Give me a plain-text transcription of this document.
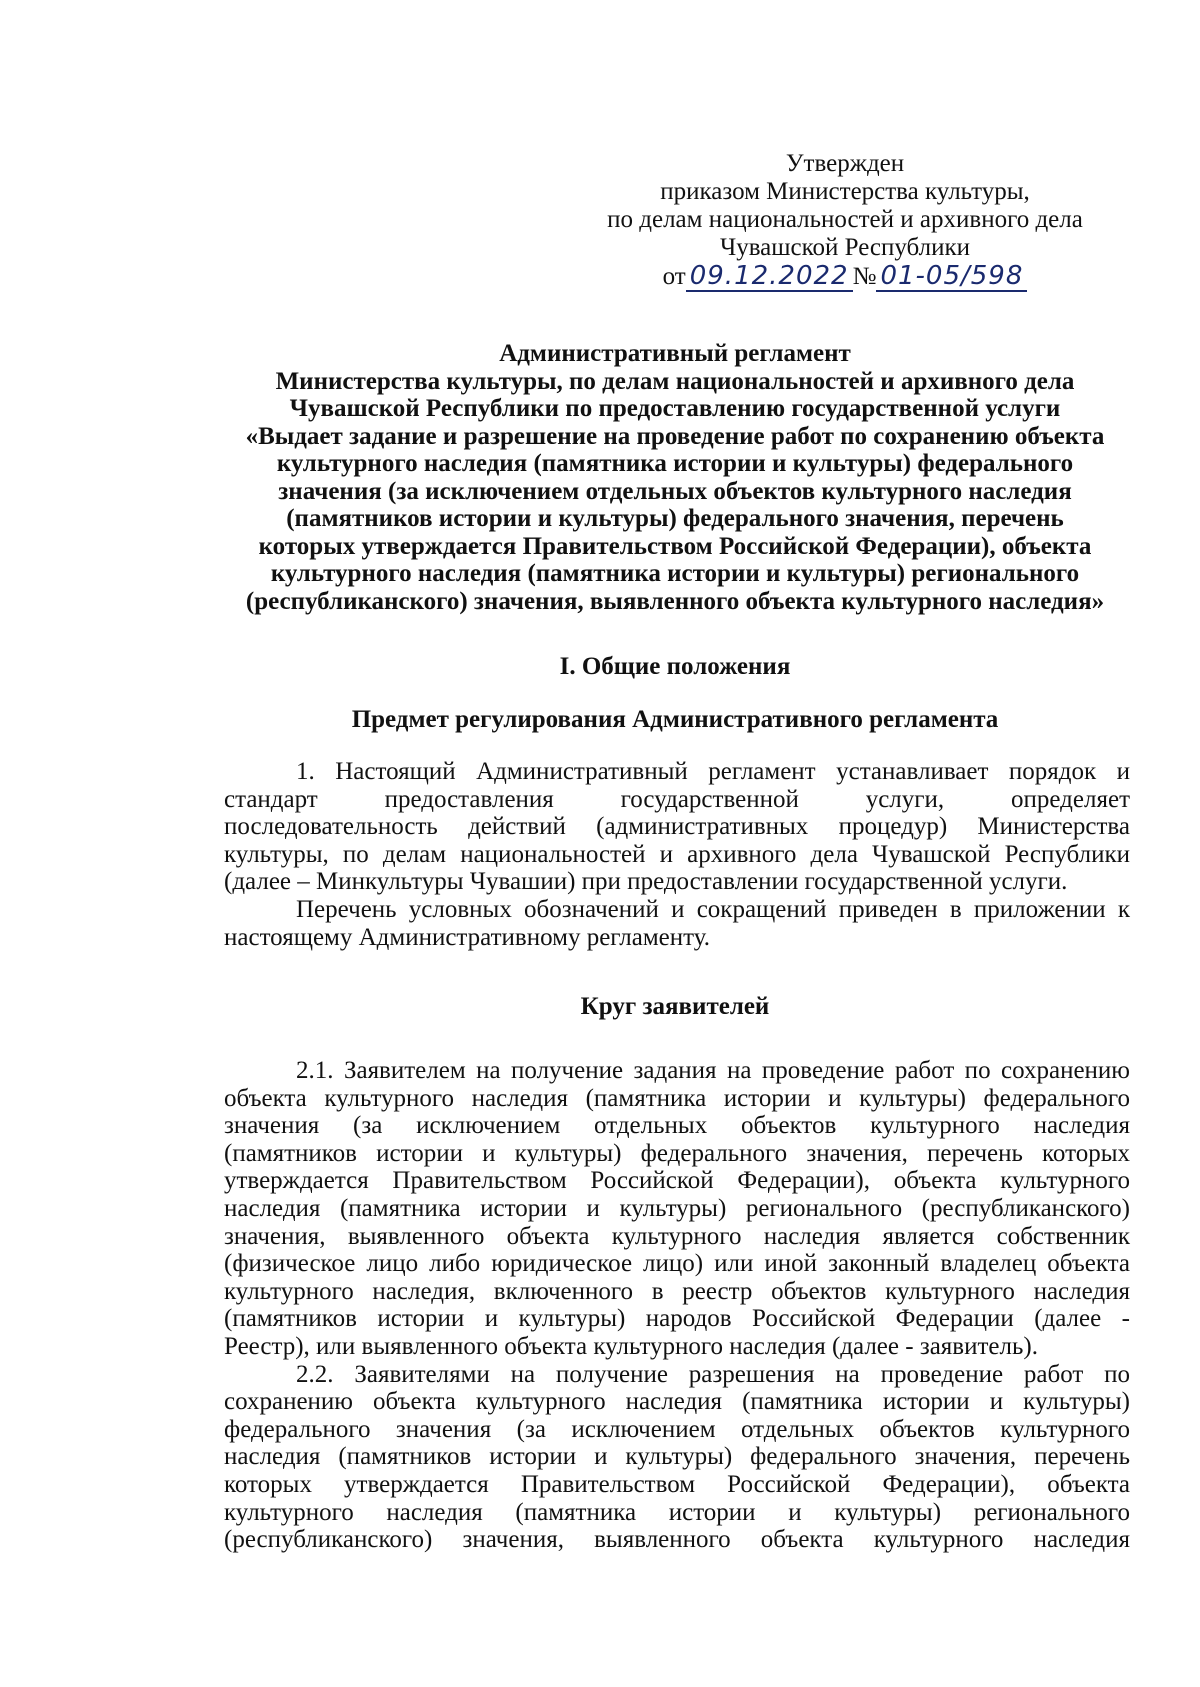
Утвержден
приказом Министерства культуры,
по делам национальностей и архивного дела
Чувашской Республики
от 09.12.2022 № 01-05/598
Административный регламент
Министерства культуры, по делам национальностей и архивного дела
Чувашской Республики по предоставлению государственной услуги
«Выдает задание и разрешение на проведение работ по сохранению объекта
культурного наследия (памятника истории и культуры) федерального
значения (за исключением отдельных объектов культурного наследия
(памятников истории и культуры) федерального значения, перечень
которых утверждается Правительством Российской Федерации), объекта
культурного наследия (памятника истории и культуры) регионального
(республиканского) значения, выявленного объекта культурного наследия»
I. Общие положения
Предмет регулирования Административного регламента
1. Настоящий Административный регламент устанавливает порядок и
стандарт предоставления государственной услуги, определяет
последовательность действий (административных процедур) Министерства
культуры, по делам национальностей и архивного дела Чувашской Республики
(далее – Минкультуры Чувашии) при предоставлении государственной услуги.
Перечень условных обозначений и сокращений приведен в приложении к
настоящему Административному регламенту.
Круг заявителей
2.1. Заявителем на получение задания на проведение работ по сохранению
объекта культурного наследия (памятника истории и культуры) федерального
значения (за исключением отдельных объектов культурного наследия
(памятников истории и культуры) федерального значения, перечень которых
утверждается Правительством Российской Федерации), объекта культурного
наследия (памятника истории и культуры) регионального (республиканского)
значения, выявленного объекта культурного наследия является собственник
(физическое лицо либо юридическое лицо) или иной законный владелец объекта
культурного наследия, включенного в реестр объектов культурного наследия
(памятников истории и культуры) народов Российской Федерации (далее -
Реестр), или выявленного объекта культурного наследия (далее - заявитель).
2.2. Заявителями на получение разрешения на проведение работ по
сохранению объекта культурного наследия (памятника истории и культуры)
федерального значения (за исключением отдельных объектов культурного
наследия (памятников истории и культуры) федерального значения, перечень
которых утверждается Правительством Российской Федерации), объекта
культурного наследия (памятника истории и культуры) регионального
(республиканского) значения, выявленного объекта культурного наследия
